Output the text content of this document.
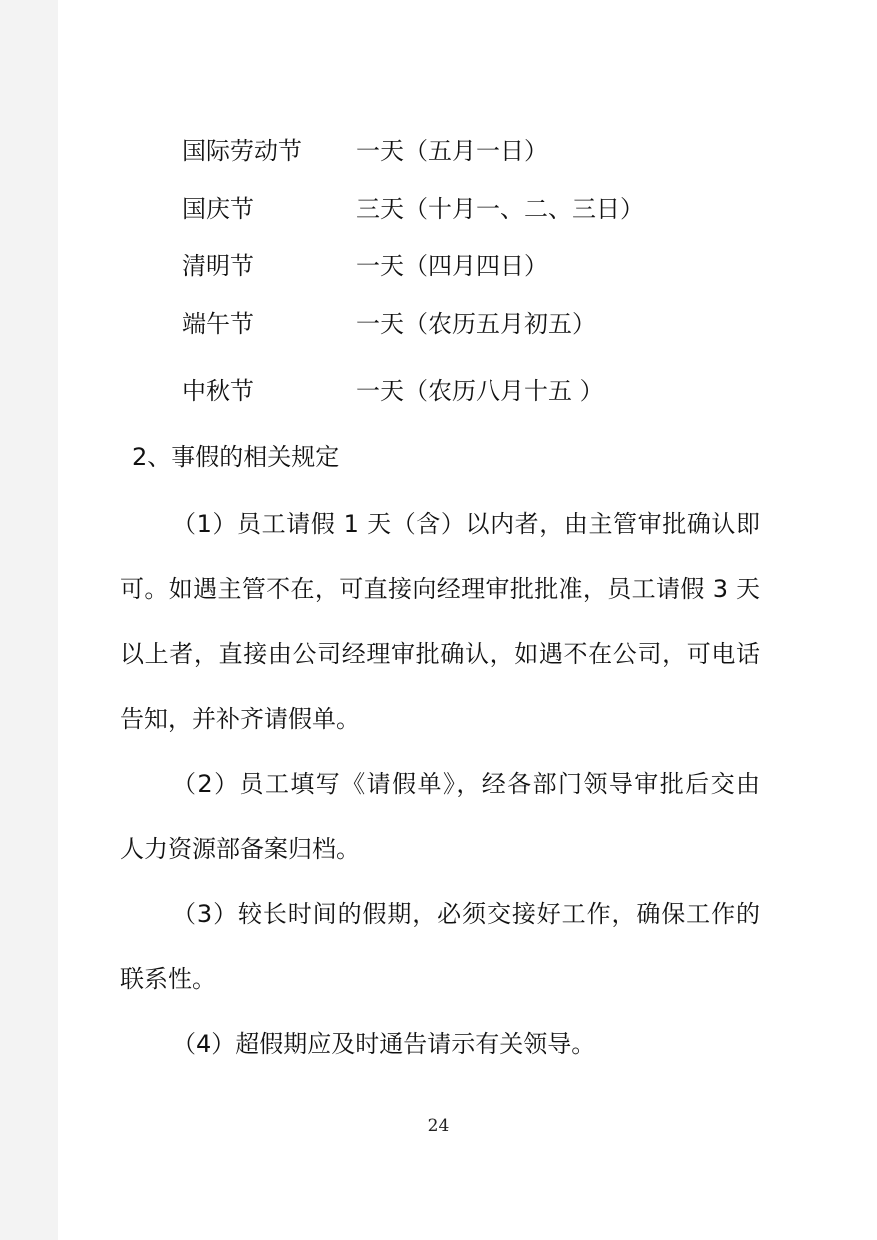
国际劳动节 一天（五月一日）
国庆节	三天（十月一、二、三日）
清明节	一天（四月四日）
端午节	一天（农历五月初五）
中秋节	一天（农历八月十五 ）
2、事假的相关规定
（1）员工请假 1 天（含）以内者，由主管审批确认即
可。如遇主管不在，可直接向经理审批批准，员工请假 3 天
以上者，直接由公司经理审批确认，如遇不在公司，可电话
告知，并补齐请假单。
（2）员工填写《请假单》，经各部门领导审批后交由
人力资源部备案归档。
（3）较长时间的假期，必须交接好工作，确保工作的
联系性。
（4）超假期应及时通告请示有关领导。
24
